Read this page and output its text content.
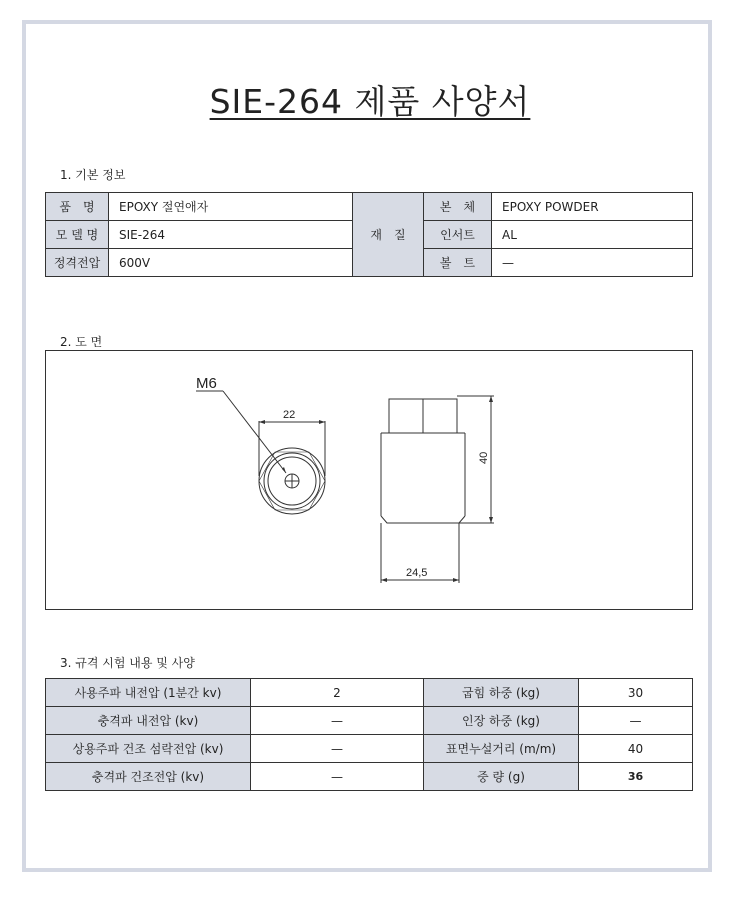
SIE-264 제품 사양서
1. 기본 정보
품　명	EPOXY 절연애자	재　질	본　체	EPOXY POWDER
모 델 명	SIE-264		인서트	AL
정격전압	600V		볼　트	—
2. 도 면
M6
22
40
24,5
3. 규격 시험 내용 및 사양
사용주파 내전압 (1분간 kv)	2	굽힘 하중 (kg)	30
충격파 내전압 (kv)	—	인장 하중 (kg)	—
상용주파 건조 섬락전압 (kv)	—	표면누설거리 (m/m)	40
충격파 건조전압 (kv)	—	중 량 (g)	36
